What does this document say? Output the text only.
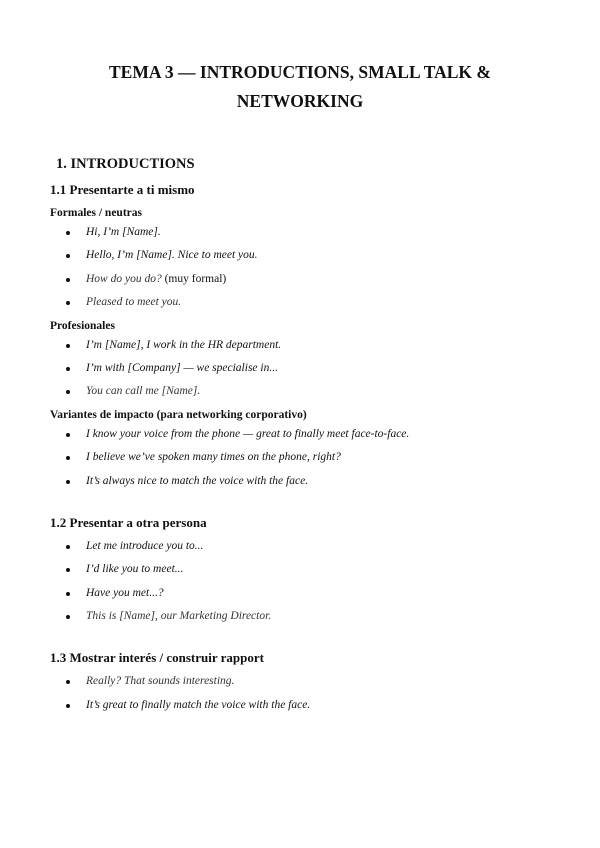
TEMA 3 — INTRODUCTIONS, SMALL TALK &
NETWORKING
1. INTRODUCTIONS
1.1 Presentarte a ti mismo
Formales / neutras
Hi, I’m [Name].
Hello, I’m [Name]. Nice to meet you.
How do you do? (muy formal)
Pleased to meet you.
Profesionales
I’m [Name], I work in the HR department.
I’m with [Company] — we specialise in...
You can call me [Name].
Variantes de impacto (para networking corporativo)
I know your voice from the phone — great to finally meet face-to-face.
I believe we’ve spoken many times on the phone, right?
It’s always nice to match the voice with the face.
1.2 Presentar a otra persona
Let me introduce you to...
I’d like you to meet...
Have you met...?
This is [Name], our Marketing Director.
1.3 Mostrar interés / construir rapport
Really? That sounds interesting.
It’s great to finally match the voice with the face.
